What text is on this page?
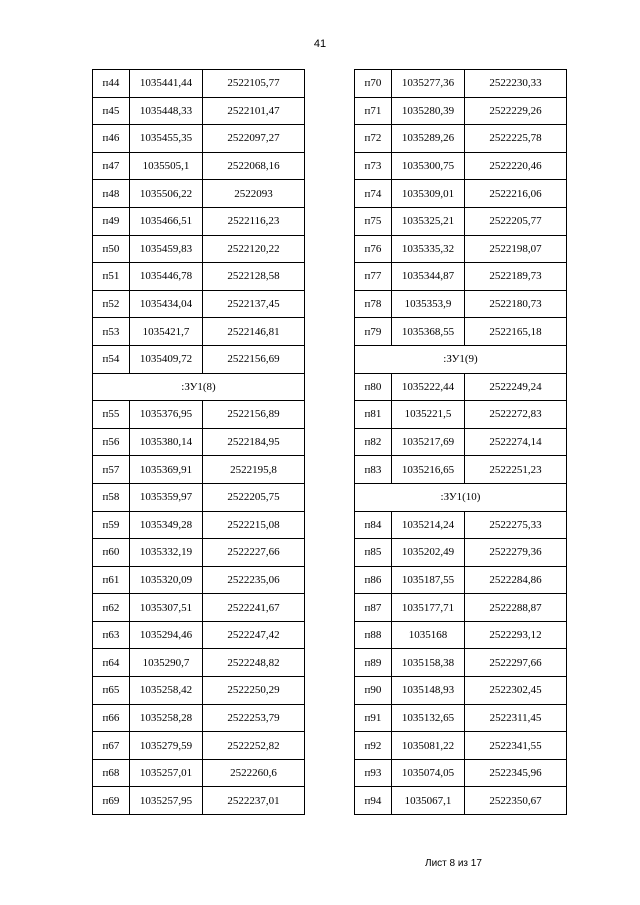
41
п44	1035441,44	2522105,77
п45	1035448,33	2522101,47
п46	1035455,35	2522097,27
п47	1035505,1	2522068,16
п48	1035506,22	2522093
п49	1035466,51	2522116,23
п50	1035459,83	2522120,22
п51	1035446,78	2522128,58
п52	1035434,04	2522137,45
п53	1035421,7	2522146,81
п54	1035409,72	2522156,69
:ЗУ1(8)		
п55	1035376,95	2522156,89
п56	1035380,14	2522184,95
п57	1035369,91	2522195,8
п58	1035359,97	2522205,75
п59	1035349,28	2522215,08
п60	1035332,19	2522227,66
п61	1035320,09	2522235,06
п62	1035307,51	2522241,67
п63	1035294,46	2522247,42
п64	1035290,7	2522248,82
п65	1035258,42	2522250,29
п66	1035258,28	2522253,79
п67	1035279,59	2522252,82
п68	1035257,01	2522260,6
п69	1035257,95	2522237,01
п70	1035277,36	2522230,33
п71	1035280,39	2522229,26
п72	1035289,26	2522225,78
п73	1035300,75	2522220,46
п74	1035309,01	2522216,06
п75	1035325,21	2522205,77
п76	1035335,32	2522198,07
п77	1035344,87	2522189,73
п78	1035353,9	2522180,73
п79	1035368,55	2522165,18
:ЗУ1(9)		
п80	1035222,44	2522249,24
п81	1035221,5	2522272,83
п82	1035217,69	2522274,14
п83	1035216,65	2522251,23
:ЗУ1(10)		
п84	1035214,24	2522275,33
п85	1035202,49	2522279,36
п86	1035187,55	2522284,86
п87	1035177,71	2522288,87
п88	1035168	2522293,12
п89	1035158,38	2522297,66
п90	1035148,93	2522302,45
п91	1035132,65	2522311,45
п92	1035081,22	2522341,55
п93	1035074,05	2522345,96
п94	1035067,1	2522350,67
Лист 8 из 17
